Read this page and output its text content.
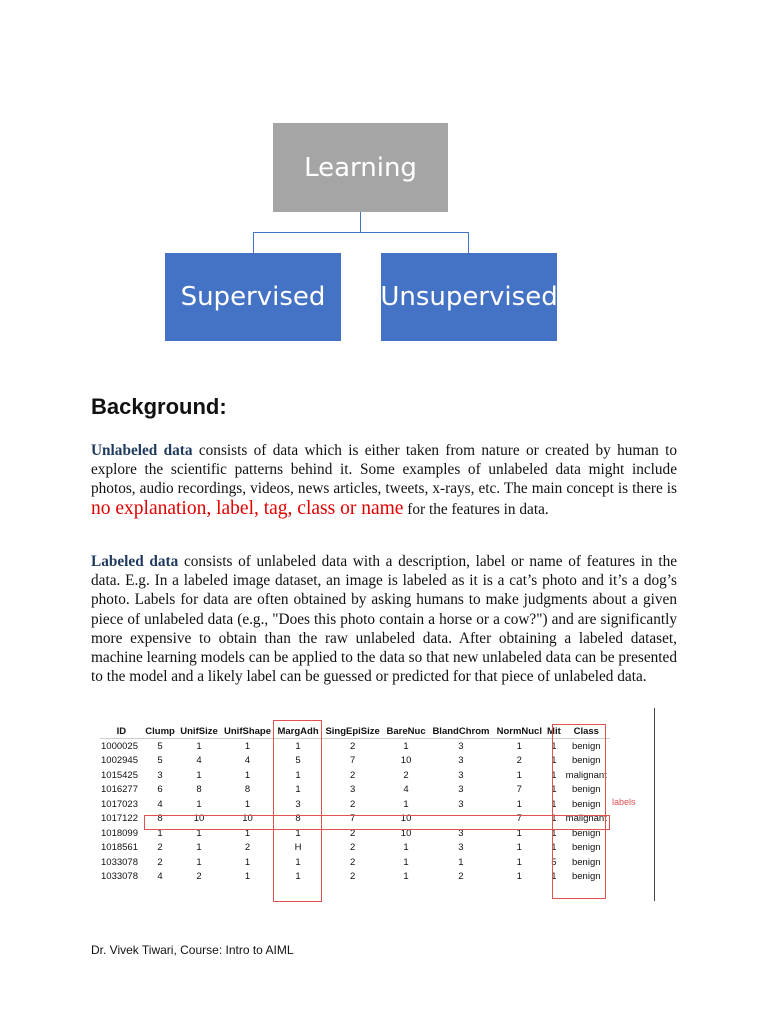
Learning
Supervised Unsupervised
Background:

Unlabeled data consists of data which is either taken from nature or created by human to explore the scientific patterns behind it. Some examples of unlabeled data might include photos, audio recordings, videos, news articles, tweets, x-rays, etc. The main concept is there is no explanation, label, tag, class or name for the features in data.

Labeled data consists of unlabeled data with a description, label or name of features in the data. E.g. In a labeled image dataset, an image is labeled as it is a cat’s photo and it’s a dog’s photo. Labels for data are often obtained by asking humans to make judgments about a given piece of unlabeled data (e.g., "Does this photo contain a horse or a cow?") and are significantly more expensive to obtain than the raw unlabeled data. After obtaining a labeled dataset, machine learning models can be applied to the data so that new unlabeled data can be presented to the model and a likely label can be guessed or predicted for that piece of unlabeled data.

ID	Clump	UnifSize	UnifShape	MargAdh	SingEpiSize	BareNuc	BlandChrom	NormNucl	Mit	Class
1000025	5	1	1	1	2	1	3	1	1	benign
1002945	5	4	4	5	7	10	3	2	1	benign
1015425	3	1	1	1	2	2	3	1	1	malignant
1016277	6	8	8	1	3	4	3	7	1	benign
1017023	4	1	1	3	2	1	3	1	1	benign
1017122	8	10	10	8	7	10		7	1	malignant
1018099	1	1	1	1	2	10	3	1	1	benign
1018561	2	1	2	H	2	1	3	1	1	benign
1033078	2	1	1	1	2	1	1	1	5	benign
1033078	4	2	1	1	2	1	2	1	1	benign
labels

Dr. Vivek Tiwari, Course: Intro to AIML
